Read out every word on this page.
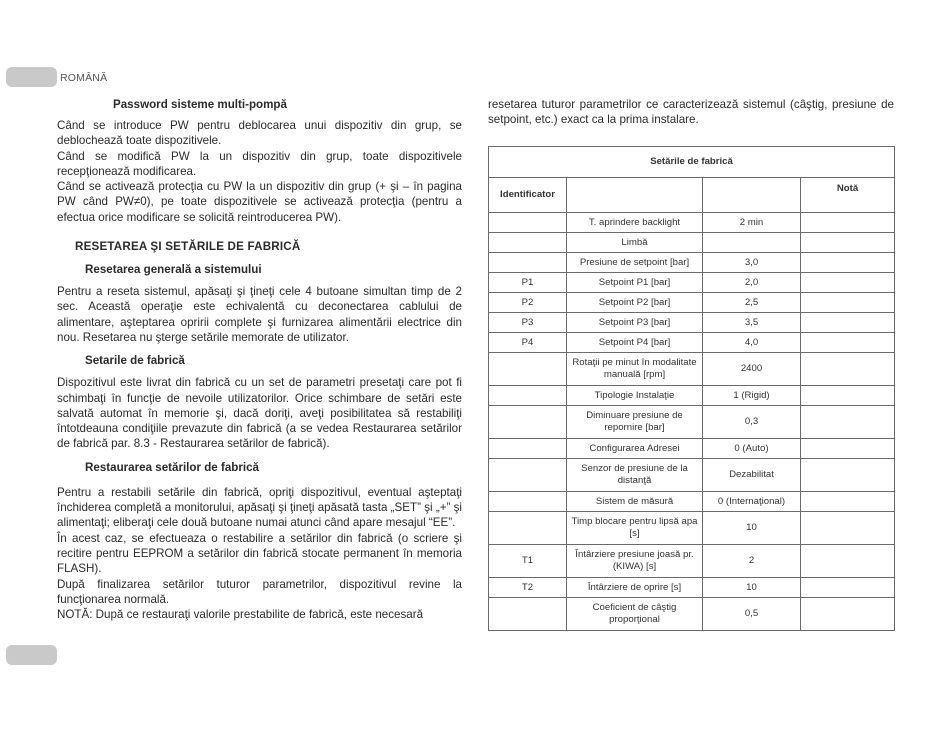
ROMÂNĂ
Password sisteme multi-pompă

Când se introduce PW pentru deblocarea unui dispozitiv din grup, se deblochează toate dispozitivele.

Când se modifică PW la un dispozitiv din grup, toate dispozitivele recepţionează modificarea.

Când se activează protecţia cu PW la un dispozitiv din grup (+ şi – în pagina PW când PW≠0), pe toate dispozitivele se activează protecţia (pentru a efectua orice modificare se solicită reintroducerea PW).

RESETAREA ŞI SETĂRILE DE FABRICĂ
Resetarea generală a sistemului

Pentru a reseta sistemul, apăsaţi şi ţineţi cele 4 butoane simultan timp de 2 sec. Această operaţie este echivalentă cu deconectarea cablului de alimentare, aşteptarea opririi complete şi furnizarea alimentării electrice din nou. Resetarea nu şterge setările memorate de utilizator.

Setarile de fabrică

Dispozitivul este livrat din fabrică cu un set de parametri presetaţi care pot fi schimbaţi în funcţie de nevoile utilizatorilor. Orice schimbare de setări este salvată automat în memorie şi, dacă doriţi, aveţi posibilitatea să restabiliţi întotdeauna condiţiile prevazute din fabrică (a se vedea Restaurarea setărilor de fabrică par. 8.3 - Restaurarea setărilor de fabrică).

Restaurarea setărilor de fabrică

Pentru a restabili setările din fabrică, opriţi dispozitivul, eventual aşteptaţi închiderea completă a monitorului, apăsaţi şi ţineţi apăsată tasta „SET” şi „+” şi alimentaţi; eliberaţi cele două butoane numai atunci când apare mesajul “EE”.

În acest caz, se efectueaza o restabilire a setărilor din fabrică (o scriere şi recitire pentru EEPROM a setărilor din fabrică stocate permanent în memoria FLASH).

După finalizarea setărilor tuturor parametrilor, dispozitivul revine la funcţionarea normală.

NOTĂ: După ce restauraţi valorile prestabilite de fabrică, este necesară

resetarea tuturor parametrilor ce caracterizează sistemul (câştig, presiune de setpoint, etc.) exact ca la prima instalare.

Setările de fabrică			
Identificator			Notă
	T. aprindere backlight	2 min	
	Limbă		
	Presiune de setpoint [bar]	3,0	
P1	Setpoint P1 [bar]	2,0	
P2	Setpoint P2 [bar]	2,5	
P3	Setpoint P3 [bar]	3,5	
P4	Setpoint P4 [bar]	4,0	
	Rotaţii pe minut în modalitate manuală [rpm]	2400	
	Tipologie Instalaţie	1 (Rigid)	
	Diminuare presiune de repornire [bar]	0,3	
	Configurarea Adresei	0 (Auto)	
	Senzor de presiune de la distanţă	Dezabilitat	
	Sistem de măsură	0 (Internaţional)	
	Timp blocare pentru lipsă apa [s]	10	
T1	Întârziere presiune joasă pr. (KIWA) [s]	2	
T2	Întârziere de oprire [s]	10	
	Coeficient de câştig proporţional	0,5	
